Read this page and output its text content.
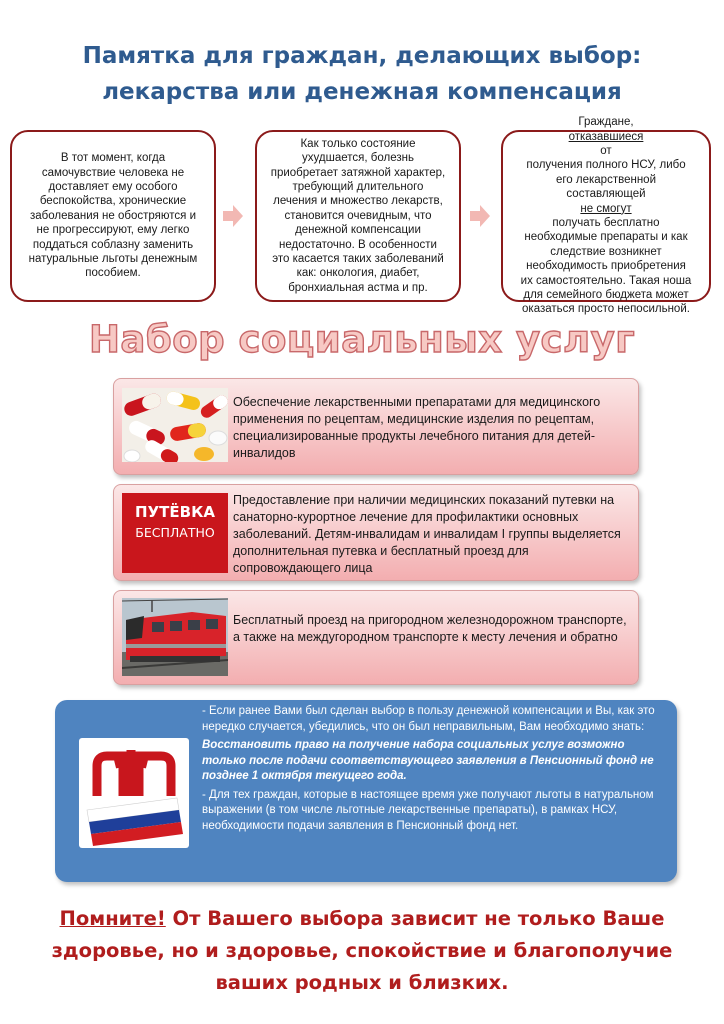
Памятка для граждан, делающих выбор:
лекарства или денежная компенсация
В тот момент, когда
самочувствие человека не
доставляет ему особого
беспокойства, хронические
заболевания не обостряются и
не прогрессируют, ему легко
поддаться соблазну заменить
натуральные льготы денежным
пособием.
Как только состояние
ухудшается, болезнь
приобретает затяжной характер,
требующий длительного
лечения и множество лекарств,
становится очевидным, что
денежной компенсации
недостаточно. В особенности
это касается таких заболеваний
как: онкология, диабет,
бронхиальная астма и пр.
Граждане,
отказавшиеся
от
получения полного НСУ, либо
его лекарственной
составляющей
не смогут
получать бесплатно
необходимые препараты и как
следствие возникнет
необходимость приобретения
их самостоятельно. Такая ноша
для семейного бюджета может
оказаться просто непосильной.
Набор социальных услуг
Обеспечение лекарственными препаратами для медицинского применения по рецептам, медицинские изделия по рецептам, специализированные продукты лечебного питания для детей-инвалидов
ПУТЁВКА
БЕСПЛАТНО
Предоставление при наличии медицинских показаний путевки на санаторно-курортное лечение для профилактики основных заболеваний. Детям-инвалидам и инвалидам I группы выделяется дополнительная путевка и бесплатный проезд для сопровождающего лица
Бесплатный проезд на пригородном железнодорожном транспорте, а также на междугородном транспорте к месту лечения и обратно

- Если ранее Вами был сделан выбор в пользу денежной компенсации и Вы, как это нередко случается, убедились, что он был неправильным, Вам необходимо знать:

Восстановить право на получение набора социальных услуг возможно только после подачи соответствующего заявления в Пенсионный фонд не позднее 1 октября текущего года.

- Для тех граждан, которые в настоящее время уже получают льготы в натуральном выражении (в том числе льготные лекарственные препараты), в рамках НСУ, необходимости подачи заявления в Пенсионный фонд нет.

Помните! От Вашего выбора зависит не только Ваше
здоровье, но и здоровье, спокойствие и благополучие
ваших родных и близких.
